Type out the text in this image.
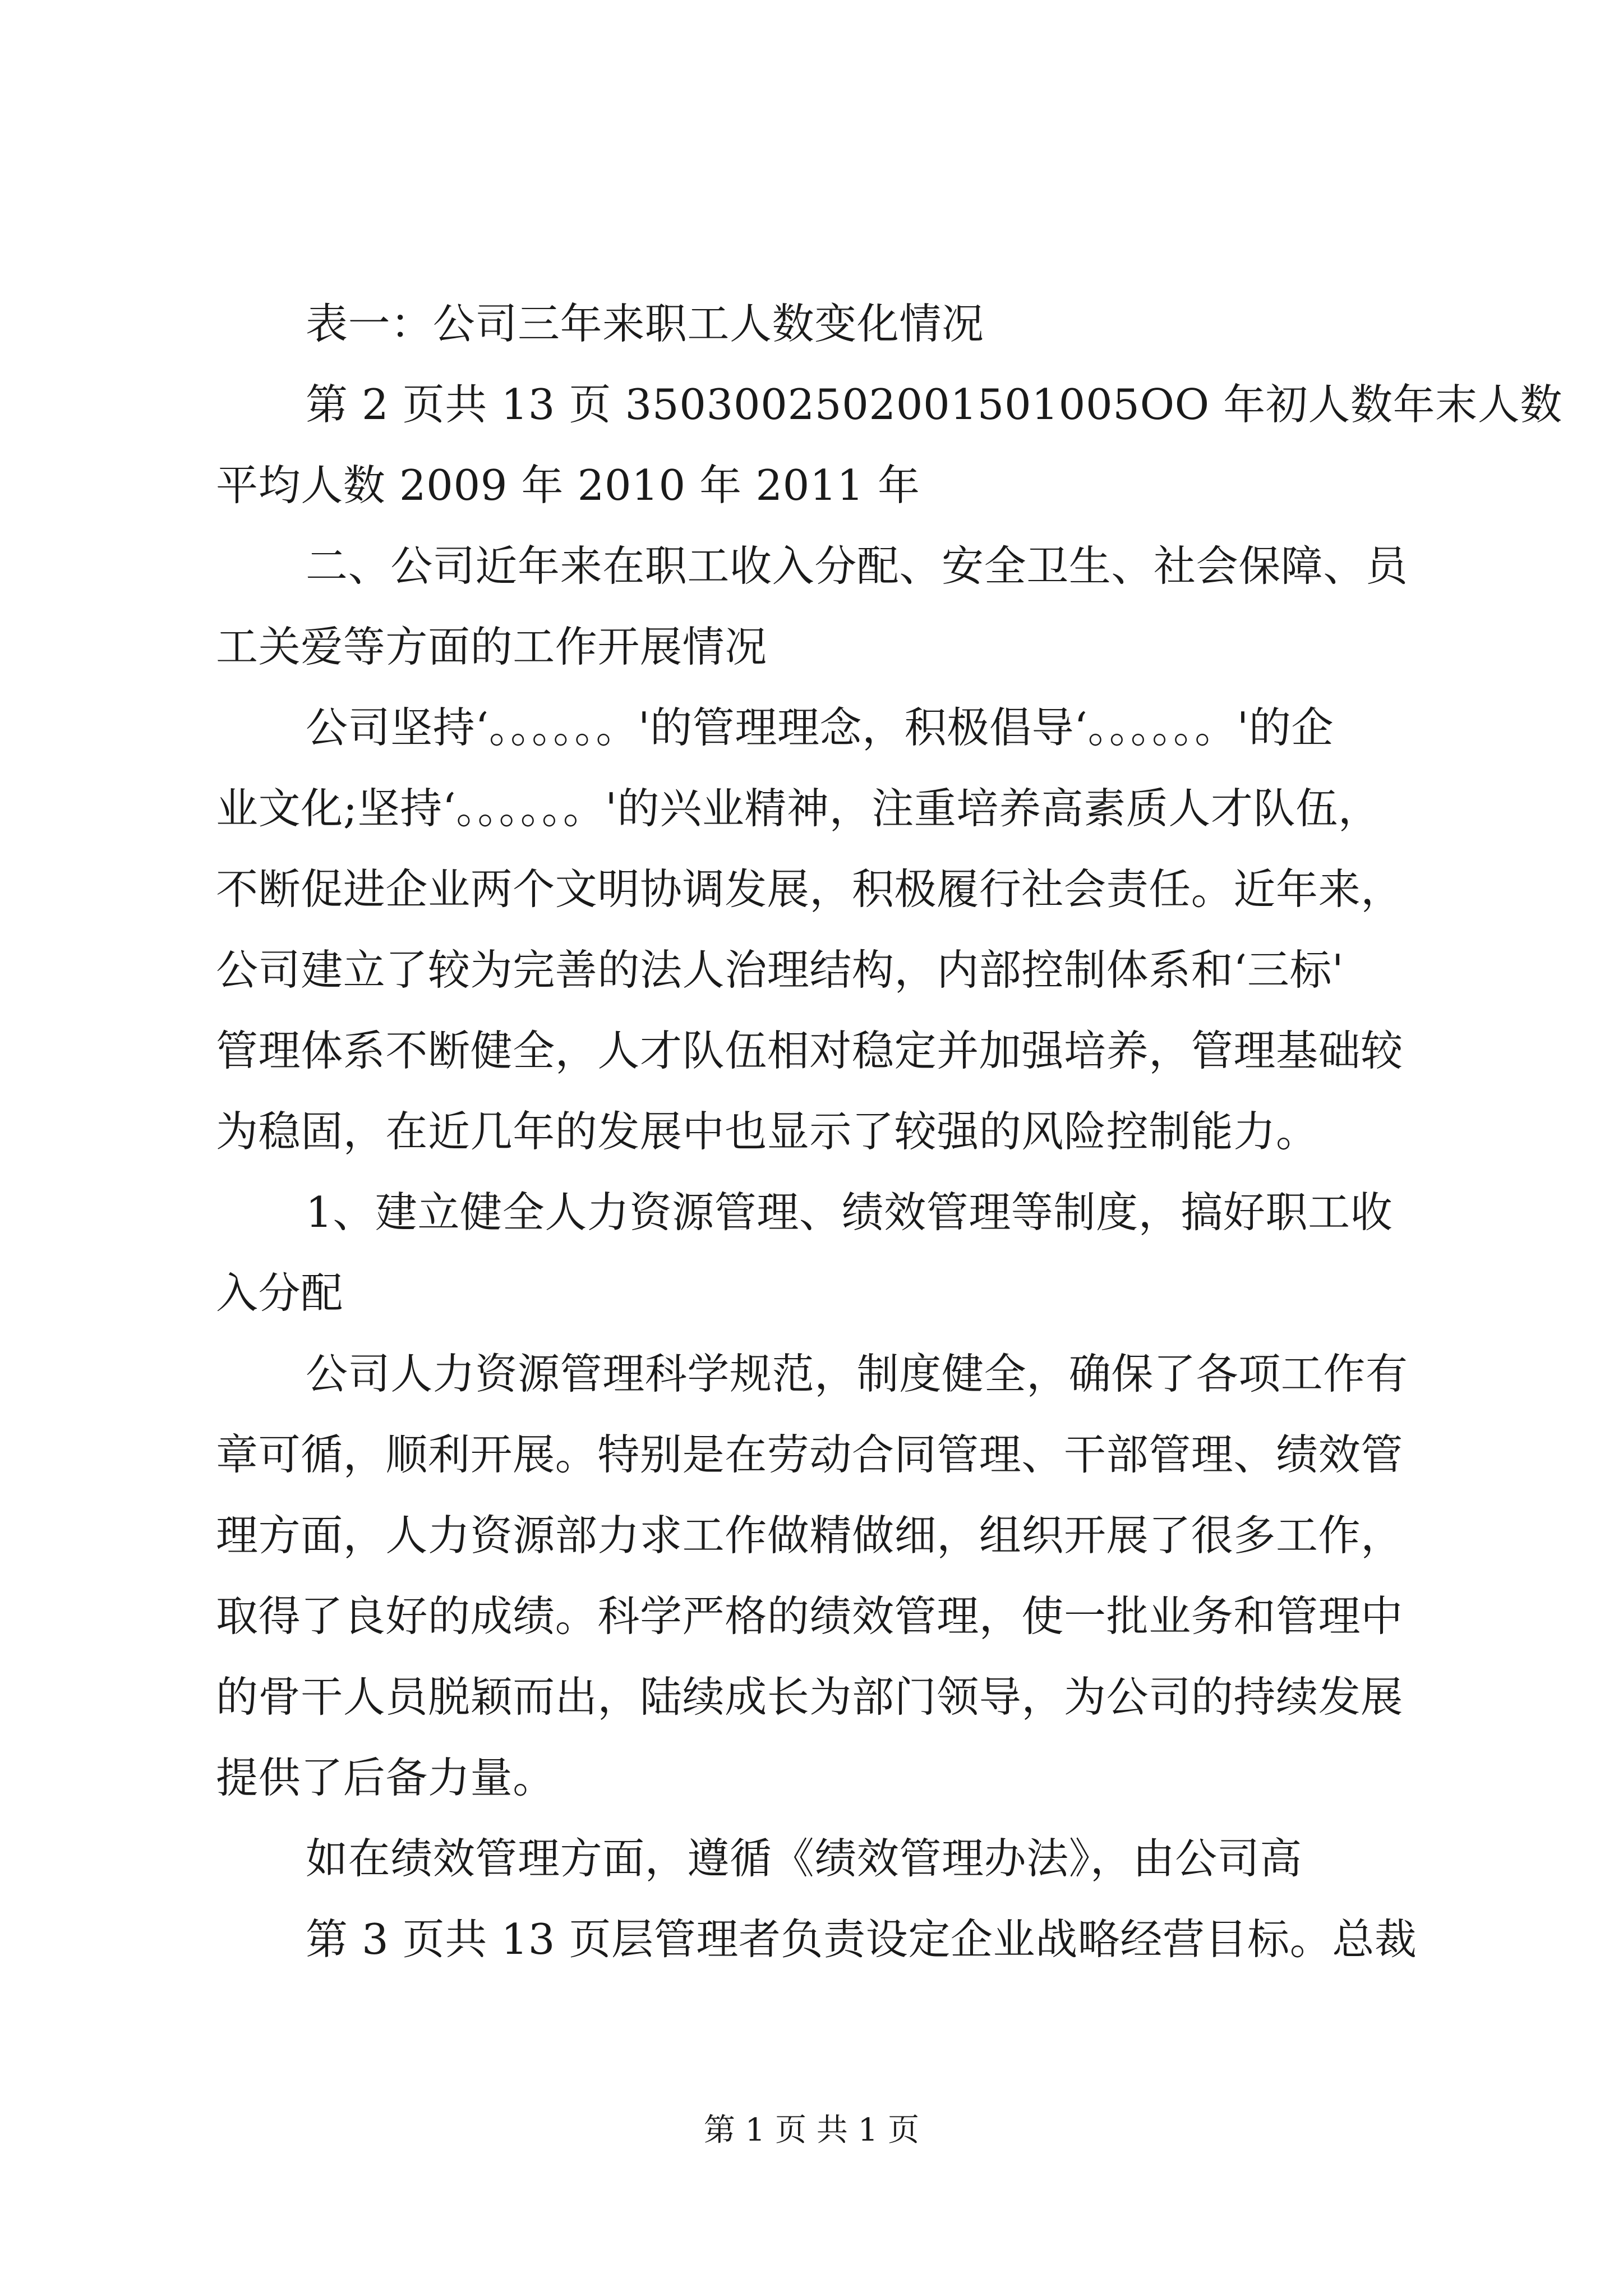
表一：公司三年来职工人数变化情况
第 2 页共 13 页 3503002502001501005OO 年初人数年末人数
平均人数 2009 年 2010 年 2011 年
二、公司近年来在职工收入分配、安全卫生、社会保障、员
工关爱等方面的工作开展情况
公司坚持‘。。。。。。'的管理理念，积极倡导‘。。。。。。'的企
业文化;坚持‘。。。。。。'的兴业精神，注重培养高素质人才队伍，
不断促进企业两个文明协调发展，积极履行社会责任。近年来，
公司建立了较为完善的法人治理结构，内部控制体系和‘三标'
管理体系不断健全，人才队伍相对稳定并加强培养，管理基础较
为稳固，在近几年的发展中也显示了较强的风险控制能力。
1、建立健全人力资源管理、绩效管理等制度，搞好职工收
入分配
公司人力资源管理科学规范，制度健全，确保了各项工作有
章可循，顺利开展。特别是在劳动合同管理、干部管理、绩效管
理方面，人力资源部力求工作做精做细，组织开展了很多工作，
取得了良好的成绩。科学严格的绩效管理，使一批业务和管理中
的骨干人员脱颖而出，陆续成长为部门领导，为公司的持续发展
提供了后备力量。
如在绩效管理方面，遵循《绩效管理办法》，由公司高
第 3 页共 13 页层管理者负责设定企业战略经营目标。总裁
第 1 页 共 1 页
